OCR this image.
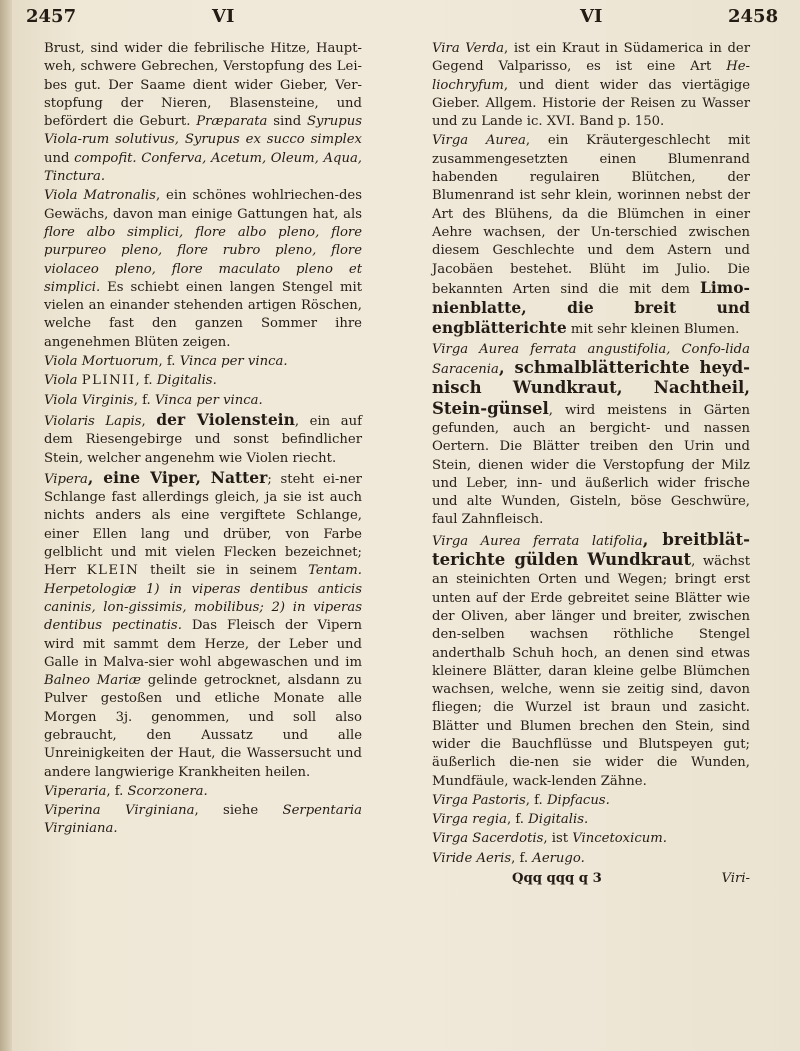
2457	VI	VI	2458

Brust, sind wider die febrilische Hitze, Haupt-weh, schwere Gebrechen, Verstopfung des Lei-bes gut. Der Saame dient wider Gieber, Ver-stopfung der Nieren, Blasensteine, und befördert die Geburt. Præparata sind Syrupus Viola-rum solutivus, Syrupus ex succo simplex und compofit. Conferva, Acetum, Oleum, Aqua, Tinctura.

Viola Matronalis, ein schönes wohlriechen-des Gewächs, davon man einige Gattungen hat, als flore albo simplici, flore albo pleno, flore purpureo pleno, flore rubro pleno, flore violaceo pleno, flore maculato pleno et simplici. Es schiebt einen langen Stengel mit vielen an einander stehenden artigen Röschen, welche fast den ganzen Sommer ihre angenehmen Blüten zeigen.

Viola Mortuorum, f. Vinca per vinca.

Viola PLINII, f. Digitalis.

Viola Virginis, f. Vinca per vinca.

Violaris Lapis, der Violenstein, ein auf dem Riesengebirge und sonst befindlicher Stein, welcher angenehm wie Violen riecht.

Vipera, eine Viper, Natter; steht ei-ner Schlange fast allerdings gleich, ja sie ist auch nichts anders als eine vergiftete Schlange, einer Ellen lang und drüber, von Farbe gelblicht und mit vielen Flecken bezeichnet; Herr KLEIN theilt sie in seinem Tentam. Herpetologiæ 1) in viperas dentibus anticis caninis, lon-gissimis, mobilibus; 2) in viperas dentibus pectinatis. Das Fleisch der Vipern wird mit sammt dem Herze, der Leber und Galle in Malva-sier wohl abgewaschen und im Balneo Mariæ gelinde getrocknet, alsdann zu Pulver gestoßen und etliche Monate alle Morgen 3j. genommen, und soll also gebraucht, den Aussatz und alle Unreinigkeiten der Haut, die Wassersucht und andere langwierige Krankheiten heilen.

Viperaria, f. Scorzonera.

Viperina Virginiana, siehe Serpentaria Virginiana.

Vira Verda, ist ein Kraut in Südamerica in der Gegend Valparisso, es ist eine Art He-liochryfum, und dient wider das viertägige Gieber. Allgem. Historie der Reisen zu Wasser und zu Lande ic. XVI. Band p. 150.

Virga Aurea, ein Kräutergeschlecht mit zusammengesetzten einen Blumenrand habenden regulairen Blütchen, der Blumenrand ist sehr klein, worinnen nebst der Art des Blühens, da die Blümchen in einer Aehre wachsen, der Un-terschied zwischen diesem Geschlechte und dem Astern und Jacobäen bestehet. Blüht im Julio. Die bekannten Arten sind die mit dem Limo-nienblatte, die breit und engblätterichte mit sehr kleinen Blumen.

Virga Aurea ferrata angustifolia, Confo-lida Saracenia, schmalblätterichte heyd-nisch Wundkraut, Nachtheil, Stein-günsel, wird meistens in Gärten gefunden, auch an bergicht- und nassen Oertern. Die Blätter treiben den Urin und Stein, dienen wider die Verstopfung der Milz und Leber, inn- und äußerlich wider frische und alte Wunden, Gisteln, böse Geschwüre, faul Zahnfleisch.

Virga Aurea ferrata latifolia, breitblät-terichte gülden Wundkraut, wächst an steinichten Orten und Wegen; bringt erst unten auf der Erde gebreitet seine Blätter wie der Oliven, aber länger und breiter, zwischen den-selben wachsen röthliche Stengel anderthalb Schuh hoch, an denen sind etwas kleinere Blätter, daran kleine gelbe Blümchen wachsen, welche, wenn sie zeitig sind, davon fliegen; die Wurzel ist braun und zasicht. Blätter und Blumen brechen den Stein, sind wider die Bauchflüsse und Blutspeyen gut; äußerlich die-nen sie wider die Wunden, Mundfäule, wack-lenden Zähne.

Virga Pastoris, f. Dipfacus.

Virga regia, f. Digitalis.

Virga Sacerdotis, ist Vincetoxicum.

Viride Aeris, f. Aerugo.

Qqq qqq q 3	Viri-
